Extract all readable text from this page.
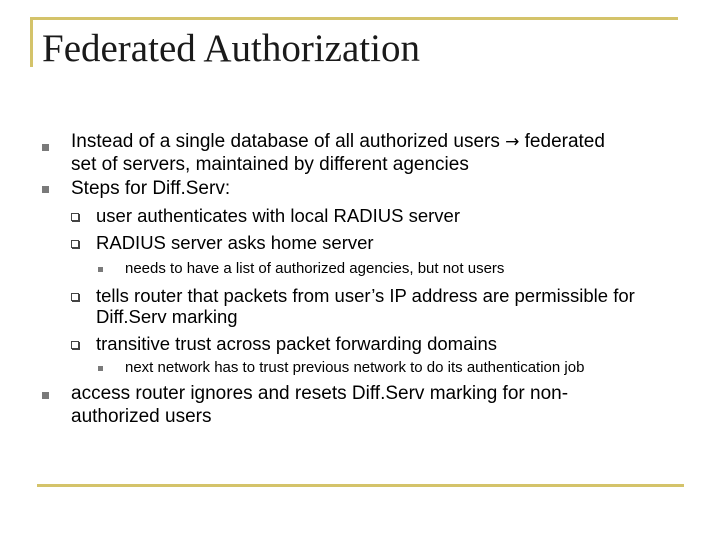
Federated Authorization
Instead of a single database of all authorized users → federated
set of servers, maintained by different agencies
Steps for Diff.Serv:
user authenticates with local RADIUS server
RADIUS server asks home server
needs to have a list of authorized agencies, but not users
tells router that packets from user’s IP address are permissible for
Diff.Serv marking
transitive trust across packet forwarding domains
next network has to trust previous network to do its authentication job
access router ignores and resets Diff.Serv marking for non-
authorized users
